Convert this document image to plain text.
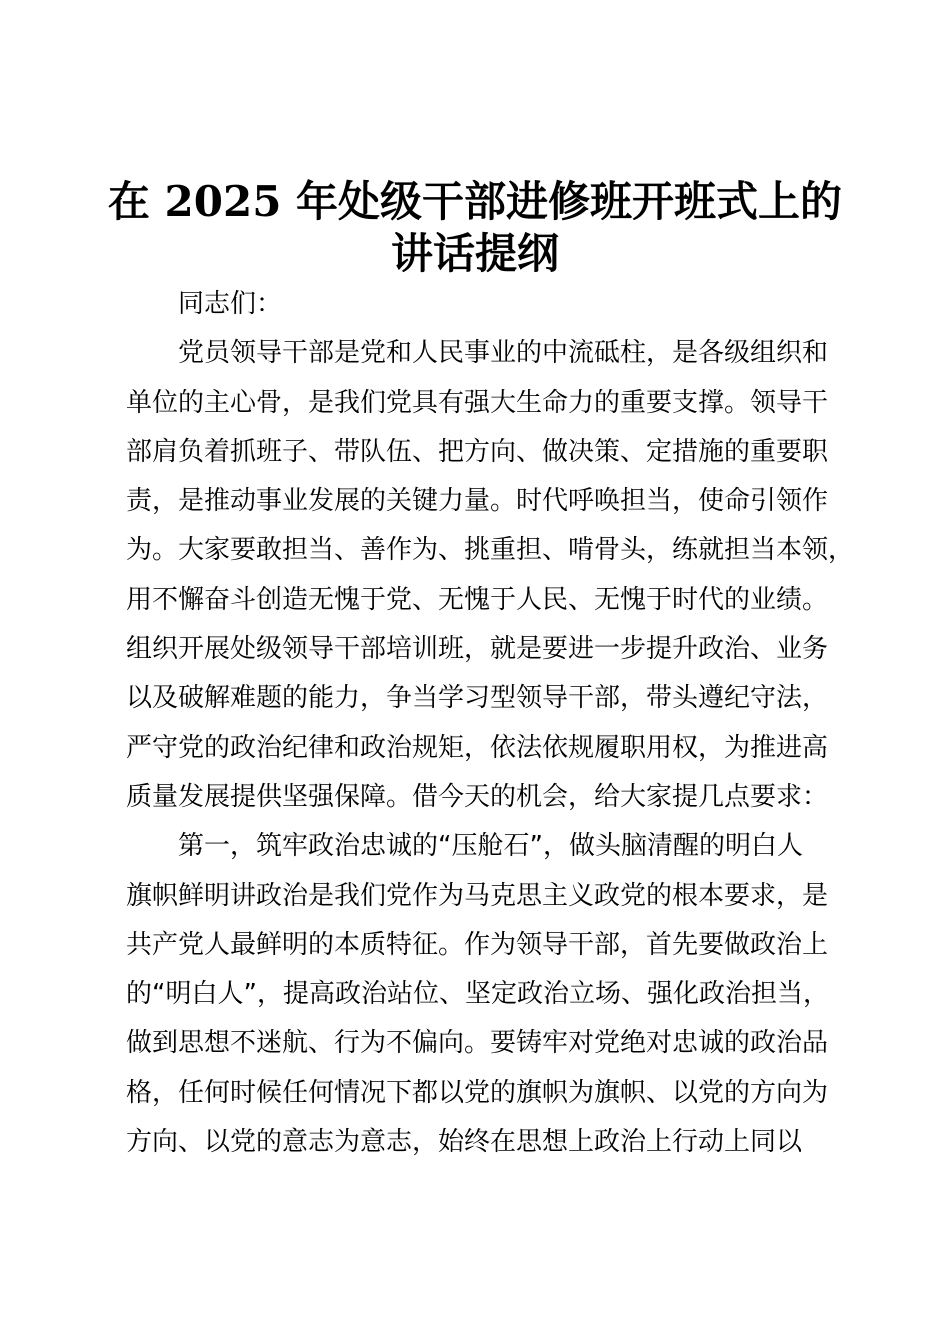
在 2025 年处级干部进修班开班式上的
讲话提纲
同志们：
党员领导干部是党和人民事业的中流砥柱，是各级组织和
单位的主心骨，是我们党具有强大生命力的重要支撑。领导干
部肩负着抓班子、带队伍、把方向、做决策、定措施的重要职
责，是推动事业发展的关键力量。时代呼唤担当，使命引领作
为。大家要敢担当、善作为、挑重担、啃骨头，练就担当本领，
用不懈奋斗创造无愧于党、无愧于人民、无愧于时代的业绩。
组织开展处级领导干部培训班，就是要进一步提升政治、业务
以及破解难题的能力，争当学习型领导干部，带头遵纪守法，
严守党的政治纪律和政治规矩，依法依规履职用权，为推进高
质量发展提供坚强保障。借今天的机会，给大家提几点要求：
第一，筑牢政治忠诚的“压舱石”，做头脑清醒的明白人
旗帜鲜明讲政治是我们党作为马克思主义政党的根本要求，是
共产党人最鲜明的本质特征。作为领导干部，首先要做政治上
的“明白人”，提高政治站位、坚定政治立场、强化政治担当，
做到思想不迷航、行为不偏向。要铸牢对党绝对忠诚的政治品
格，任何时候任何情况下都以党的旗帜为旗帜、以党的方向为
方向、以党的意志为意志，始终在思想上政治上行动上同以
